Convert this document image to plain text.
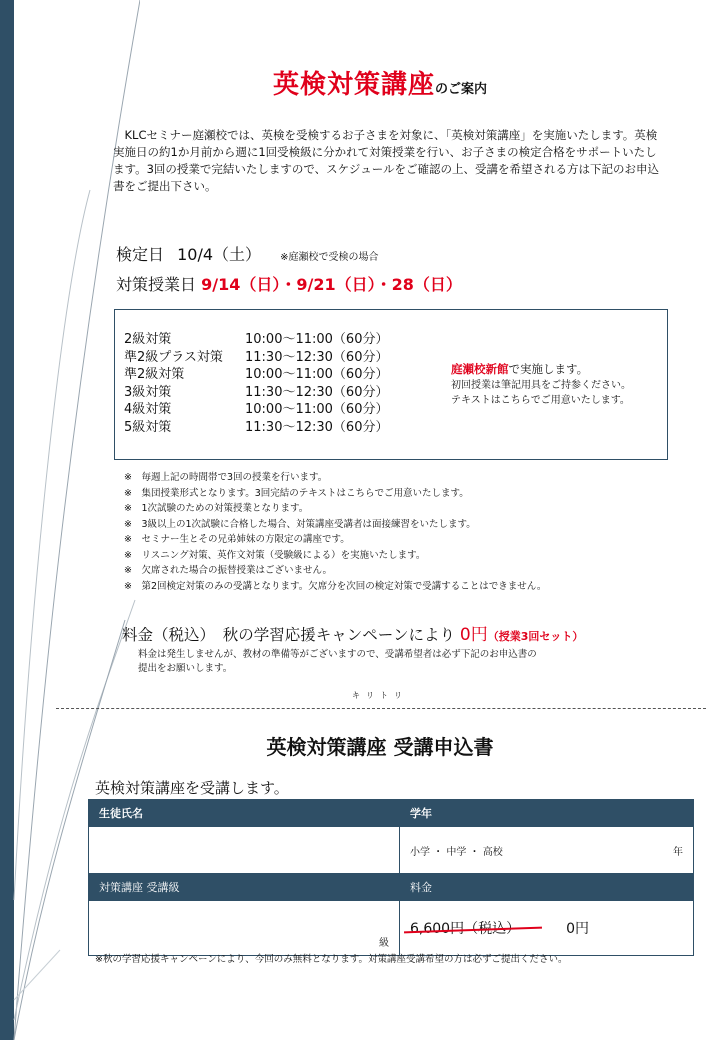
英検対策講座のご案内
　KLCセミナー庭瀬校では、英検を受検するお子さまを対象に、「英検対策講座」を実施いたします。英検実施日の約1か月前から週に1回受検級に分かれて対策授業を行い、お子さまの検定合格をサポートいたします。3回の授業で完結いたしますので、スケジュールをご確認の上、受講を希望される方は下記のお申込書をご提出下さい。
検定日 10/4（土） ※庭瀬校で受検の場合
対策授業日 9/14（日）・9/21（日）・28（日）
2級対策	10:00～11:00（60分）
準2級プラス対策	11:30～12:30（60分）
準2級対策	10:00～11:00（60分）
3級対策	11:30～12:30（60分）
4級対策	10:00～11:00（60分）
5級対策	11:30～12:30（60分）
庭瀬校新館で実施します。
初回授業は筆記用具をご持参ください。
テキストはこちらでご用意いたします。
※　毎週上記の時間帯で3回の授業を行います。
※　集団授業形式となります。3回完結のテキストはこちらでご用意いたします。
※　1次試験のための対策授業となります。
※　3級以上の1次試験に合格した場合、対策講座受講者は面接練習をいたします。
※　セミナー生とその兄弟姉妹の方限定の講座です。
※　リスニング対策、英作文対策（受験級による）を実施いたします。
※　欠席された場合の振替授業はございません。
※　第2回検定対策のみの受講となります。欠席分を次回の検定対策で受講することはできません。
料金（税込）　秋の学習応援キャンペーンにより 0円（授業3回セット）
料金は発生しませんが、教材の準備等がございますので、受講希望者は必ず下記のお申込書の
提出をお願いします。
キリトリ
英検対策講座 受講申込書
英検対策講座を受講します。
生徒氏名	学年

	小学 ・ 中学 ・ 高校 年

対策講座 受講級	料金
級	6,600円（税込） 0円
※秋の学習応援キャンペーンにより、今回のみ無料となります。対策講座受講希望の方は必ずご提出ください。
